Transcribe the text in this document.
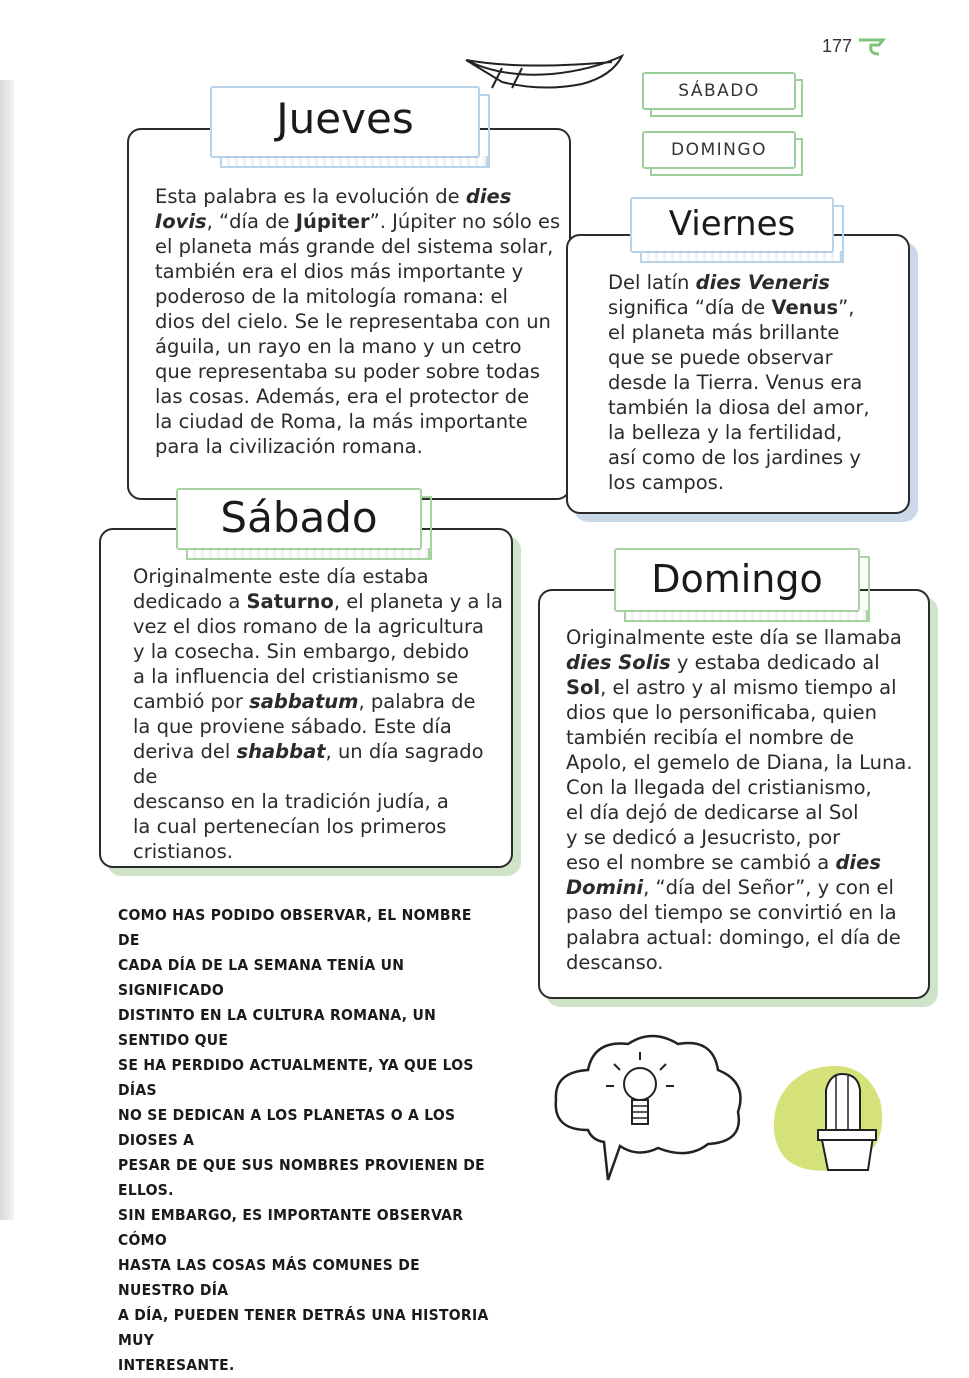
177
SÁBADO
DOMINGO
Esta palabra es la evolución de dies
Iovis, “día de Júpiter”. Júpiter no sólo es
el planeta más grande del sistema solar,
también era el dios más importante y
poderoso de la mitología romana: el
dios del cielo. Se le representaba con un
águila, un rayo en la mano y un cetro
que representaba su poder sobre todas
las cosas. Además, era el protector de
la ciudad de Roma, la más importante
para la civilización romana.
Jueves
Del latín dies Veneris
significa “día de Venus”,
el planeta más brillante
que se puede observar
desde la Tierra. Venus era
también la diosa del amor,
la belleza y la fertilidad,
así como de los jardines y
los campos.
Viernes
Originalmente este día estaba
dedicado a Saturno, el planeta y a la
vez el dios romano de la agricultura
y la cosecha. Sin embargo, debido
a la influencia del cristianismo se
cambió por sabbatum, palabra de
la que proviene sábado. Este día
deriva del shabbat, un día sagrado de
descanso en la tradición judía, a
la cual pertenecían los primeros
cristianos.
Sábado
Originalmente este día se llamaba
dies Solis y estaba dedicado al
Sol, el astro y al mismo tiempo al
dios que lo personificaba, quien
también recibía el nombre de
Apolo, el gemelo de Diana, la Luna.
Con la llegada del cristianismo,
el día dejó de dedicarse al Sol
y se dedicó a Jesucristo, por
eso el nombre se cambió a dies
Domini, “día del Señor”, y con el
paso del tiempo se convirtió en la
palabra actual: domingo, el día de
descanso.
Domingo
COMO HAS PODIDO OBSERVAR, EL NOMBRE DE
CADA DÍA DE LA SEMANA TENÍA UN SIGNIFICADO
DISTINTO EN LA CULTURA ROMANA, UN SENTIDO QUE
SE HA PERDIDO ACTUALMENTE, YA QUE LOS DÍAS
NO SE DEDICAN A LOS PLANETAS O A LOS DIOSES A
PESAR DE QUE SUS NOMBRES PROVIENEN DE ELLOS.
SIN EMBARGO, ES IMPORTANTE OBSERVAR CÓMO
HASTA LAS COSAS MÁS COMUNES DE NUESTRO DÍA
A DÍA, PUEDEN TENER DETRÁS UNA HISTORIA MUY
INTERESANTE.
